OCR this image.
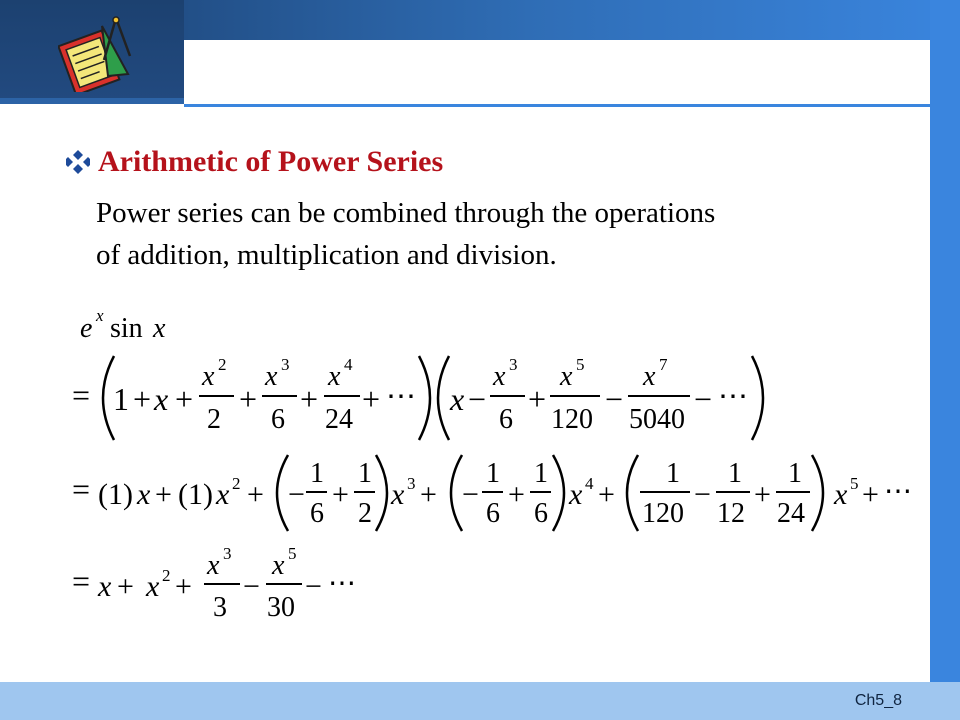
Ch5_8
Arithmetic of Power Series
Power series can be combined through the operations
of addition, multiplication and division.
e x sin x
= 1 + x +
x 2
2
+
x 3
6
+
x 4
24
+ ⋯ x −
x 3
6
+
x 5
120
−
x 7
5040
− ⋯
= (1) x + (1) x 2 + −
1
6
+
1
2
x 3 + −
1
6
+
1
6
x 4 +
1
120
−
1
12
+
1
24
x 5 + ⋯
= x + x 2 +
x 3
3
−
x 5
30
− ⋯
